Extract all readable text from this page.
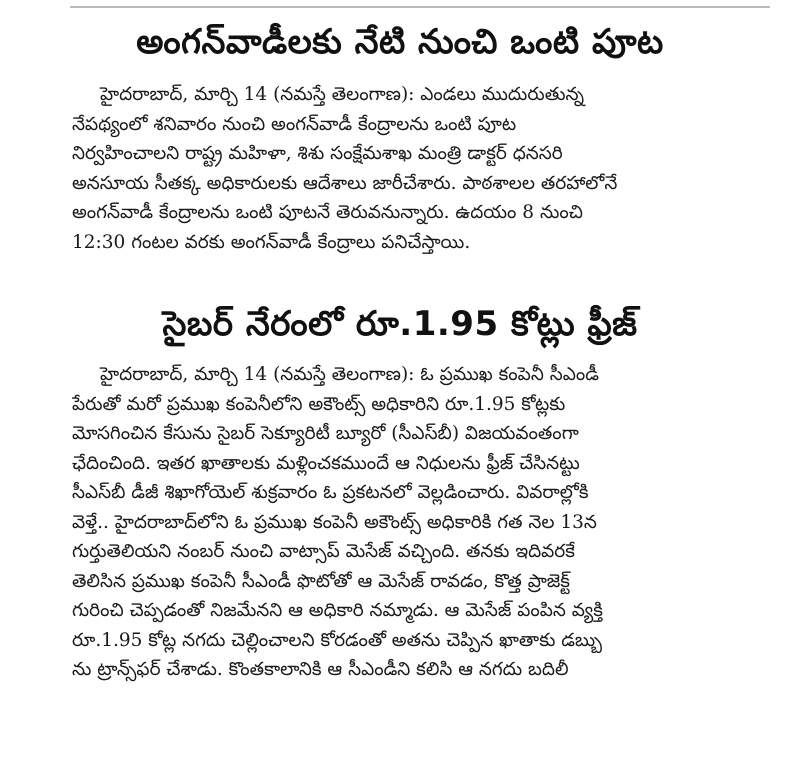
అంగన్‌వాడీలకు నేటి నుంచి ఒంటి పూట
హైదరాబాద్‌, మార్చి 14 (నమస్తే తెలంగాణ): ఎండలు ముదురుతున్న
నేపథ్యంలో శనివారం నుంచి అంగన్‌వాడీ కేంద్రాలను ఒంటి పూట
నిర్వహించాలని రాష్ట్ర మహిళా, శిశు సంక్షేమశాఖ మంత్రి డాక్టర్‌ ధనసరి
అనసూయ సీతక్క అధికారులకు ఆదేశాలు జారీచేశారు. పాఠశాలల తరహాలోనే
అంగన్‌వాడీ కేంద్రాలను ఒంటి పూటనే తెరువనున్నారు. ఉదయం 8 నుంచి
12:30 గంటల వరకు అంగన్‌వాడీ కేంద్రాలు పనిచేస్తాయి.
సైబర్‌ నేరంలో రూ.1.95 కోట్లు ఫ్రీజ్‌
హైదరాబాద్‌, మార్చి 14 (నమస్తే తెలంగాణ): ఓ ప్రముఖ కంపెనీ సీఎండీ
పేరుతో మరో ప్రముఖ కంపెనీలోని అకౌంట్స్‌ అధికారిని రూ.1.95 కోట్లకు
మోసగించిన కేసును సైబర్‌ సెక్యూరిటీ బ్యూరో (సీఎస్‌బీ) విజయవంతంగా
ఛేదించింది. ఇతర ఖాతాలకు మళ్లించకముందే ఆ నిధులను ఫ్రీజ్‌ చేసినట్టు
సీఎస్‌బీ డీజీ శిఖాగోయెల్‌ శుక్రవారం ఓ ప్రకటనలో వెల్లడించారు. వివరాల్లోకి
వెళ్తే.. హైదరాబాద్‌లోని ఓ ప్రముఖ కంపెనీ అకౌంట్స్‌ అధికారికి గత నెల 13న
గుర్తుతెలియని నంబర్‌ నుంచి వాట్సాప్‌ మెసేజ్‌ వచ్చింది. తనకు ఇదివరకే
తెలిసిన ప్రముఖ కంపెనీ సీఎండీ ఫొటోతో ఆ మెసేజ్‌ రావడం, కొత్త ప్రాజెక్ట్‌
గురించి చెప్పడంతో నిజమేనని ఆ అధికారి నమ్మాడు. ఆ మెసేజ్‌ పంపిన వ్యక్తి
రూ.1.95 కోట్ల నగదు చెల్లించాలని కోరడంతో అతను చెప్పిన ఖాతాకు డబ్బు
ను ట్రాన్స్‌ఫర్‌ చేశాడు. కొంతకాలానికి ఆ సీఎండీని కలిసి ఆ నగదు బదిలీ
